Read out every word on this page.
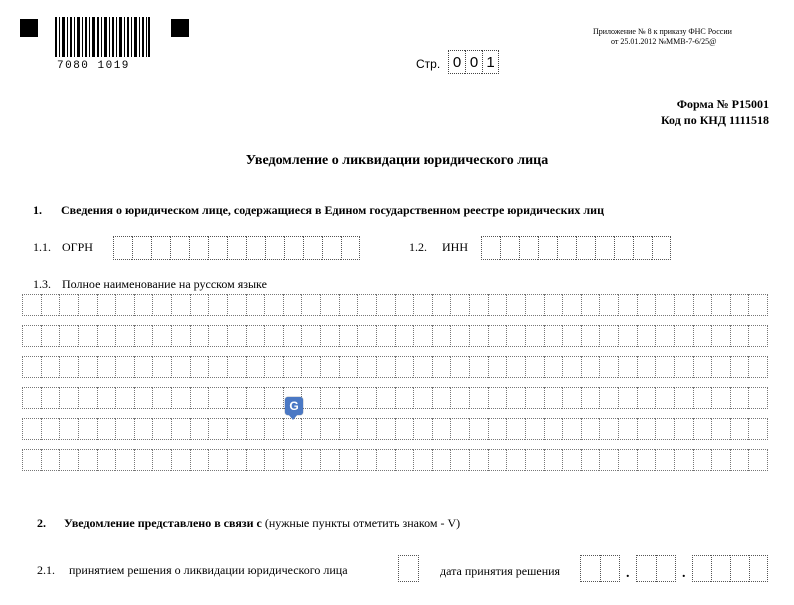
7080 1019
Приложение № 8 к приказу ФНС России
от 25.01.2012 №ММВ-7-6/25@
Стр. 0 0 1
Форма № Р15001
Код по КНД 1111518
Уведомление о ликвидации юридического лица
1. Сведения о юридическом лице, содержащиеся в Едином государственном реестре юридических лиц
1.1. ОГРН	1.2. ИНН
1.3. Полное наименование на русском языке
G
2. Уведомление представлено в связи с (нужные пункты отметить знаком - V)
2.1. принятием решения о ликвидации юридического лица	дата принятия решения	.	.
